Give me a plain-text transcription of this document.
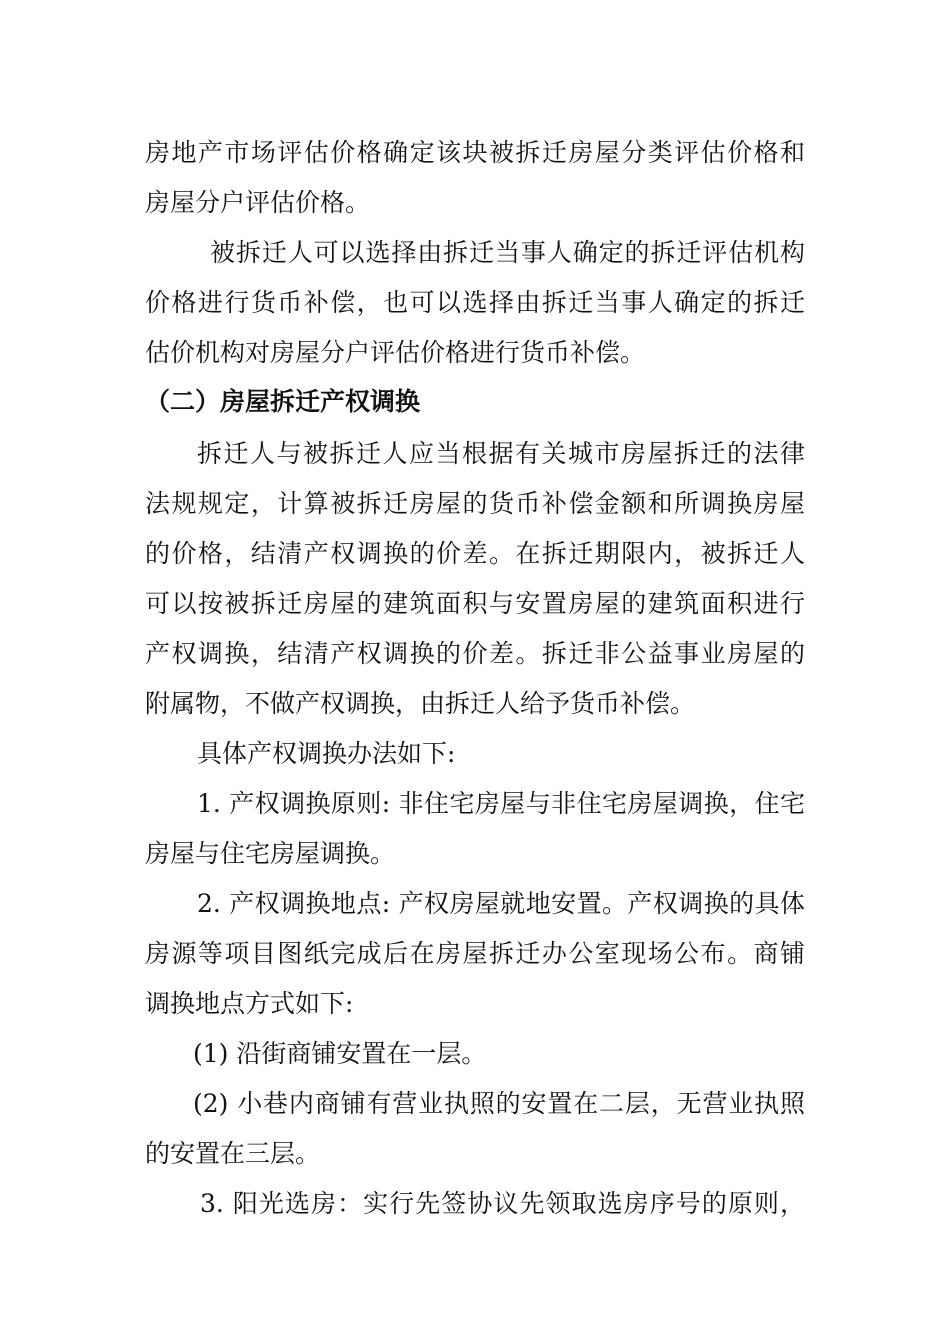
房地产市场评估价格确定该块被拆迁房屋分类评估价格和
房屋分户评估价格。
被拆迁人可以选择由拆迁当事人确定的拆迁评估机构
价格进行货币补偿，也可以选择由拆迁当事人确定的拆迁
估价机构对房屋分户评估价格进行货币补偿。
（二）房屋拆迁产权调换
拆迁人与被拆迁人应当根据有关城市房屋拆迁的法律
法规规定，计算被拆迁房屋的货币补偿金额和所调换房屋
的价格，结清产权调换的价差。在拆迁期限内，被拆迁人
可以按被拆迁房屋的建筑面积与安置房屋的建筑面积进行
产权调换，结清产权调换的价差。拆迁非公益事业房屋的
附属物，不做产权调换，由拆迁人给予货币补偿。
具体产权调换办法如下:
1. 产权调换原则: 非住宅房屋与非住宅房屋调换，住宅
房屋与住宅房屋调换。
2. 产权调换地点: 产权房屋就地安置。产权调换的具体
房源等项目图纸完成后在房屋拆迁办公室现场公布。商铺
调换地点方式如下:
(1) 沿街商铺安置在一层。
(2) 小巷内商铺有营业执照的安置在二层，无营业执照
的安置在三层。
3. 阳光选房：实行先签协议先领取选房序号的原则，
